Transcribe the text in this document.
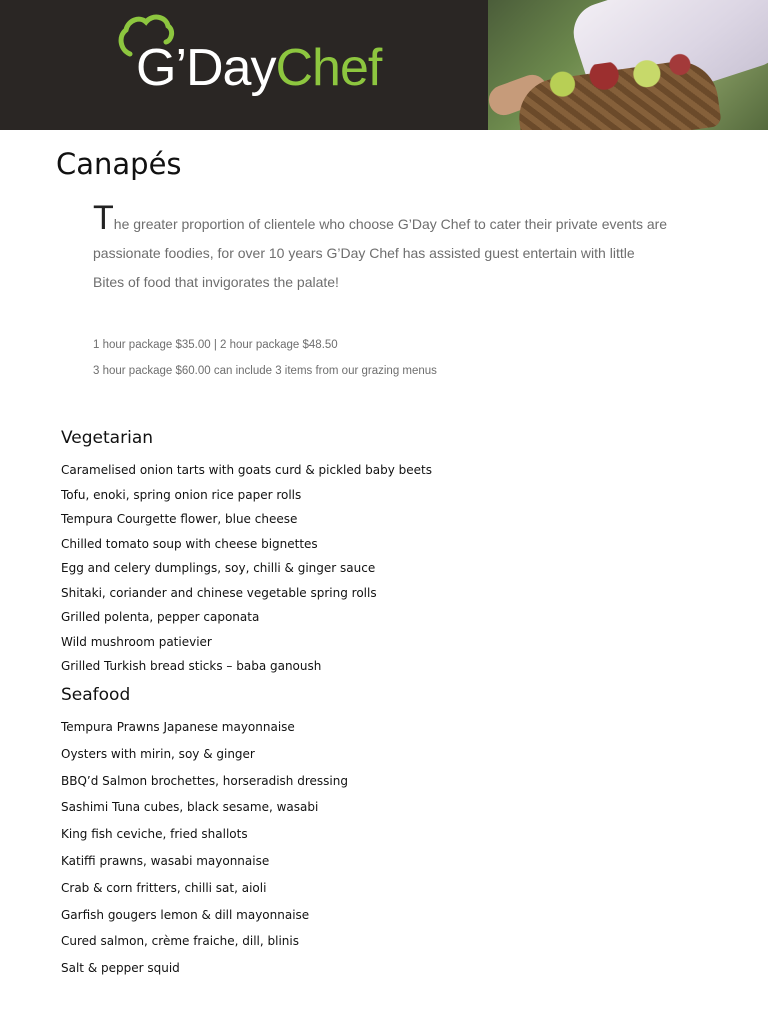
G’DayChef
Canapés

The greater proportion of clientele who choose G’Day Chef to cater their private events are

passionate foodies, for over 10 years G’Day Chef has assisted guest entertain with little

Bites of food that invigorates the palate!

1 hour package $35.00 | 2 hour package $48.50

3 hour package $60.00 can include 3 items from our grazing menus

Vegetarian
Caramelised onion tarts with goats curd & pickled baby beets
Tofu, enoki, spring onion rice paper rolls
Tempura Courgette flower, blue cheese
Chilled tomato soup with cheese bignettes
Egg and celery dumplings, soy, chilli & ginger sauce
Shitaki, coriander and chinese vegetable spring rolls
Grilled polenta, pepper caponata
Wild mushroom patievier
Grilled Turkish bread sticks – baba ganoush
Seafood
Tempura Prawns Japanese mayonnaise
Oysters with mirin, soy & ginger
BBQ’d Salmon brochettes, horseradish dressing
Sashimi Tuna cubes, black sesame, wasabi
King fish ceviche, fried shallots
Katiffi prawns, wasabi mayonnaise
Crab & corn fritters, chilli sat, aioli
Garfish gougers lemon & dill mayonnaise
Cured salmon, crème fraiche, dill, blinis
Salt & pepper squid
